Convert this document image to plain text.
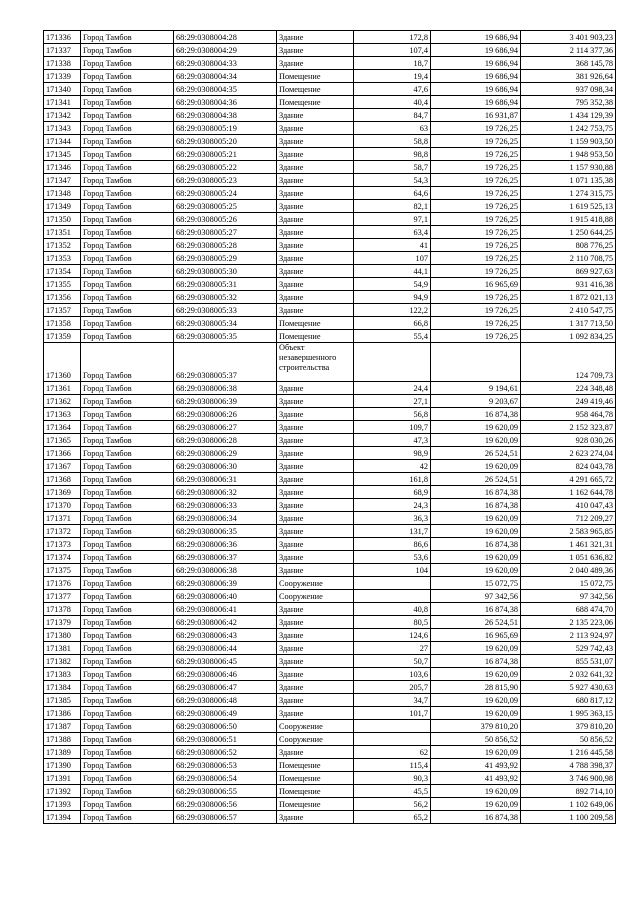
171336	Город Тамбов	68:29:0308004:28	Здание	172,8	19 686,94	3 401 903,23
171337	Город Тамбов	68:29:0308004:29	Здание	107,4	19 686,94	2 114 377,36
171338	Город Тамбов	68:29:0308004:33	Здание	18,7	19 686,94	368 145,78
171339	Город Тамбов	68:29:0308004:34	Помещение	19,4	19 686,94	381 926,64
171340	Город Тамбов	68:29:0308004:35	Помещение	47,6	19 686,94	937 098,34
171341	Город Тамбов	68:29:0308004:36	Помещение	40,4	19 686,94	795 352,38
171342	Город Тамбов	68:29:0308004:38	Здание	84,7	16 931,87	1 434 129,39
171343	Город Тамбов	68:29:0308005:19	Здание	63	19 726,25	1 242 753,75
171344	Город Тамбов	68:29:0308005:20	Здание	58,8	19 726,25	1 159 903,50
171345	Город Тамбов	68:29:0308005:21	Здание	98,8	19 726,25	1 948 953,50
171346	Город Тамбов	68:29:0308005:22	Здание	58,7	19 726,25	1 157 930,88
171347	Город Тамбов	68:29:0308005:23	Здание	54,3	19 726,25	1 071 135,38
171348	Город Тамбов	68:29:0308005:24	Здание	64,6	19 726,25	1 274 315,75
171349	Город Тамбов	68:29:0308005:25	Здание	82,1	19 726,25	1 619 525,13
171350	Город Тамбов	68:29:0308005:26	Здание	97,1	19 726,25	1 915 418,88
171351	Город Тамбов	68:29:0308005:27	Здание	63,4	19 726,25	1 250 644,25
171352	Город Тамбов	68:29:0308005:28	Здание	41	19 726,25	808 776,25
171353	Город Тамбов	68:29:0308005:29	Здание	107	19 726,25	2 110 708,75
171354	Город Тамбов	68:29:0308005:30	Здание	44,1	19 726,25	869 927,63
171355	Город Тамбов	68:29:0308005:31	Здание	54,9	16 965,69	931 416,38
171356	Город Тамбов	68:29:0308005:32	Здание	94,9	19 726,25	1 872 021,13
171357	Город Тамбов	68:29:0308005:33	Здание	122,2	19 726,25	2 410 547,75
171358	Город Тамбов	68:29:0308005:34	Помещение	66,8	19 726,25	1 317 713,50
171359	Город Тамбов	68:29:0308005:35	Помещение	55,4	19 726,25	1 092 834,25
171360	Город Тамбов	68:29:0308005:37	Объект незавершенного строительства			124 709,73
171361	Город Тамбов	68:29:0308006:38	Здание	24,4	9 194,61	224 348,48
171362	Город Тамбов	68:29:0308006:39	Здание	27,1	9 203,67	249 419,46
171363	Город Тамбов	68:29:0308006:26	Здание	56,8	16 874,38	958 464,78
171364	Город Тамбов	68:29:0308006:27	Здание	109,7	19 620,09	2 152 323,87
171365	Город Тамбов	68:29:0308006:28	Здание	47,3	19 620,09	928 030,26
171366	Город Тамбов	68:29:0308006:29	Здание	98,9	26 524,51	2 623 274,04
171367	Город Тамбов	68:29:0308006:30	Здание	42	19 620,09	824 043,78
171368	Город Тамбов	68:29:0308006:31	Здание	161,8	26 524,51	4 291 665,72
171369	Город Тамбов	68:29:0308006:32	Здание	68,9	16 874,38	1 162 644,78
171370	Город Тамбов	68:29:0308006:33	Здание	24,3	16 874,38	410 047,43
171371	Город Тамбов	68:29:0308006:34	Здание	36,3	19 620,09	712 209,27
171372	Город Тамбов	68:29:0308006:35	Здание	131,7	19 620,09	2 583 965,85
171373	Город Тамбов	68:29:0308006:36	Здание	86,6	16 874,38	1 461 321,31
171374	Город Тамбов	68:29:0308006:37	Здание	53,6	19 620,09	1 051 636,82
171375	Город Тамбов	68:29:0308006:38	Здание	104	19 620,09	2 040 489,36
171376	Город Тамбов	68:29:0308006:39	Сооружение		15 072,75	15 072,75
171377	Город Тамбов	68:29:0308006:40	Сооружение		97 342,56	97 342,56
171378	Город Тамбов	68:29:0308006:41	Здание	40,8	16 874,38	688 474,70
171379	Город Тамбов	68:29:0308006:42	Здание	80,5	26 524,51	2 135 223,06
171380	Город Тамбов	68:29:0308006:43	Здание	124,6	16 965,69	2 113 924,97
171381	Город Тамбов	68:29:0308006:44	Здание	27	19 620,09	529 742,43
171382	Город Тамбов	68:29:0308006:45	Здание	50,7	16 874,38	855 531,07
171383	Город Тамбов	68:29:0308006:46	Здание	103,6	19 620,09	2 032 641,32
171384	Город Тамбов	68:29:0308006:47	Здание	205,7	28 815,90	5 927 430,63
171385	Город Тамбов	68:29:0308006:48	Здание	34,7	19 620,09	680 817,12
171386	Город Тамбов	68:29:0308006:49	Здание	101,7	19 620,09	1 995 363,15
171387	Город Тамбов	68:29:0308006:50	Сооружение		379 810,20	379 810,20
171388	Город Тамбов	68:29:0308006:51	Сооружение		50 856,52	50 856,52
171389	Город Тамбов	68:29:0308006:52	Здание	62	19 620,09	1 216 445,58
171390	Город Тамбов	68:29:0308006:53	Помещение	115,4	41 493,92	4 788 398,37
171391	Город Тамбов	68:29:0308006:54	Помещение	90,3	41 493,92	3 746 900,98
171392	Город Тамбов	68:29:0308006:55	Помещение	45,5	19 620,09	892 714,10
171393	Город Тамбов	68:29:0308006:56	Помещение	56,2	19 620,09	1 102 649,06
171394	Город Тамбов	68:29:0308006:57	Здание	65,2	16 874,38	1 100 209,58
